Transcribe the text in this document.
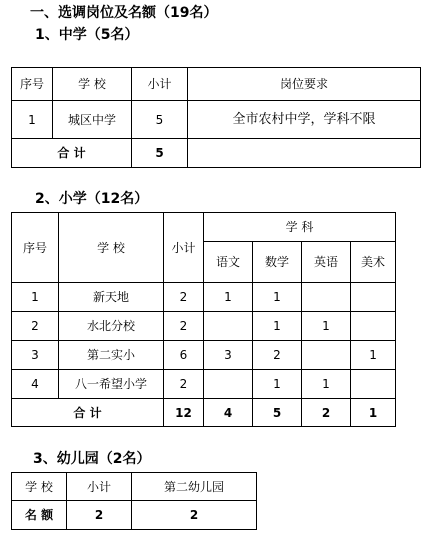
一、选调岗位及名额（19名）
1、中学（5名）
序号	学 校	小计	岗位要求
1	城区中学	5	全市农村中学，学科不限
合 计		5	
2、小学（12名）
序号	学 校	小计	学 科			
			语文	数学	英语	美术
1	新天地	2	1	1		
2	水北分校	2		1	1	
3	第二实小	6	3	2		1
4	八一希望小学	2		1	1	
合 计		12	4	5	2	1
3、幼儿园（2名）
学 校	小计	第二幼儿园
名 额	2	2
